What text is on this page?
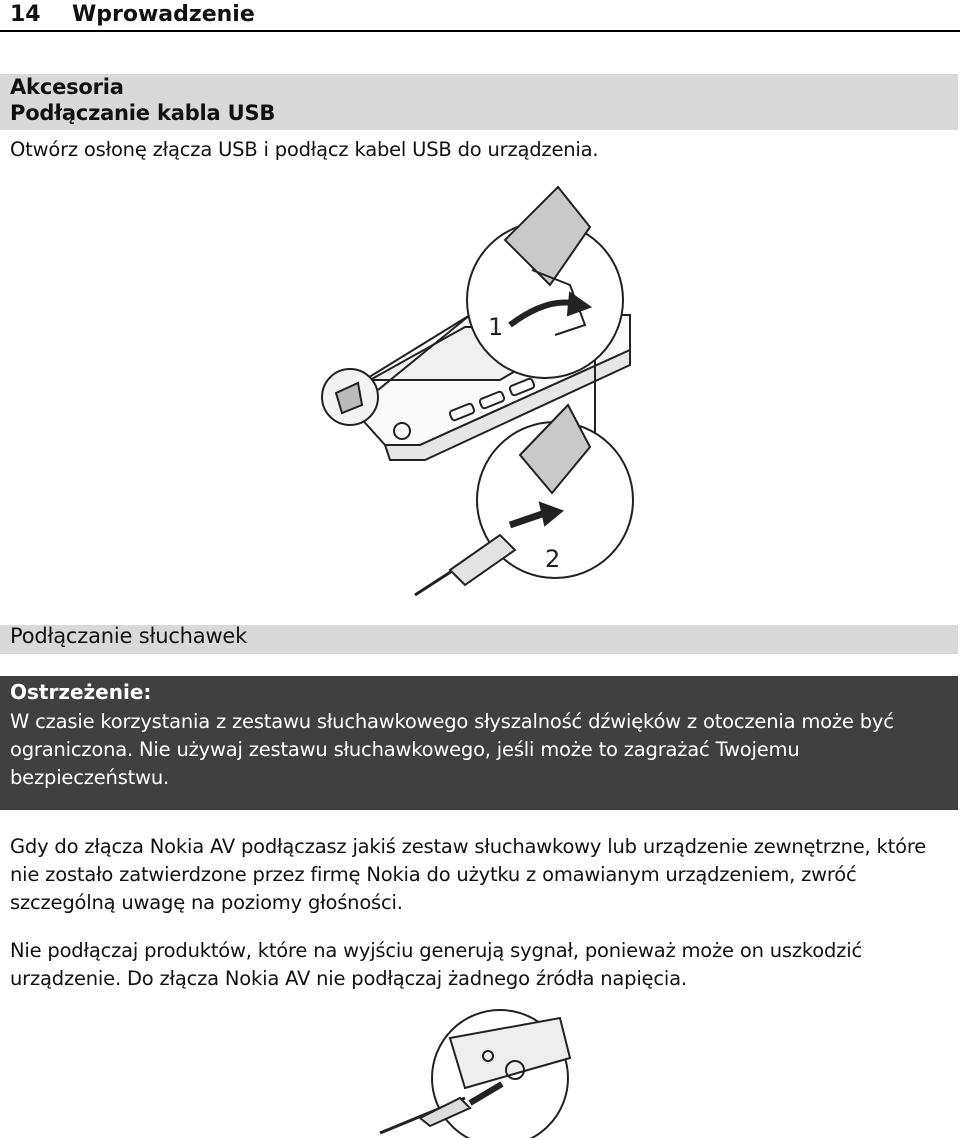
14 Wprowadzenie
Akcesoria
Podłączanie kabla USB
Otwórz osłonę złącza USB i podłącz kabel USB do urządzenia.
1
2
Podłączanie słuchawek
Ostrzeżenie:
W czasie korzystania z zestawu słuchawkowego słyszalność dźwięków z otoczenia może być ograniczona. Nie używaj zestawu słuchawkowego, jeśli może to zagrażać Twojemu bezpieczeństwu.
Gdy do złącza Nokia AV podłączasz jakiś zestaw słuchawkowy lub urządzenie zewnętrzne, które nie zostało zatwierdzone przez firmę Nokia do użytku z omawianym urządzeniem, zwróć szczególną uwagę na poziomy głośności.
Nie podłączaj produktów, które na wyjściu generują sygnał, ponieważ może on uszkodzić urządzenie. Do złącza Nokia AV nie podłączaj żadnego źródła napięcia.
